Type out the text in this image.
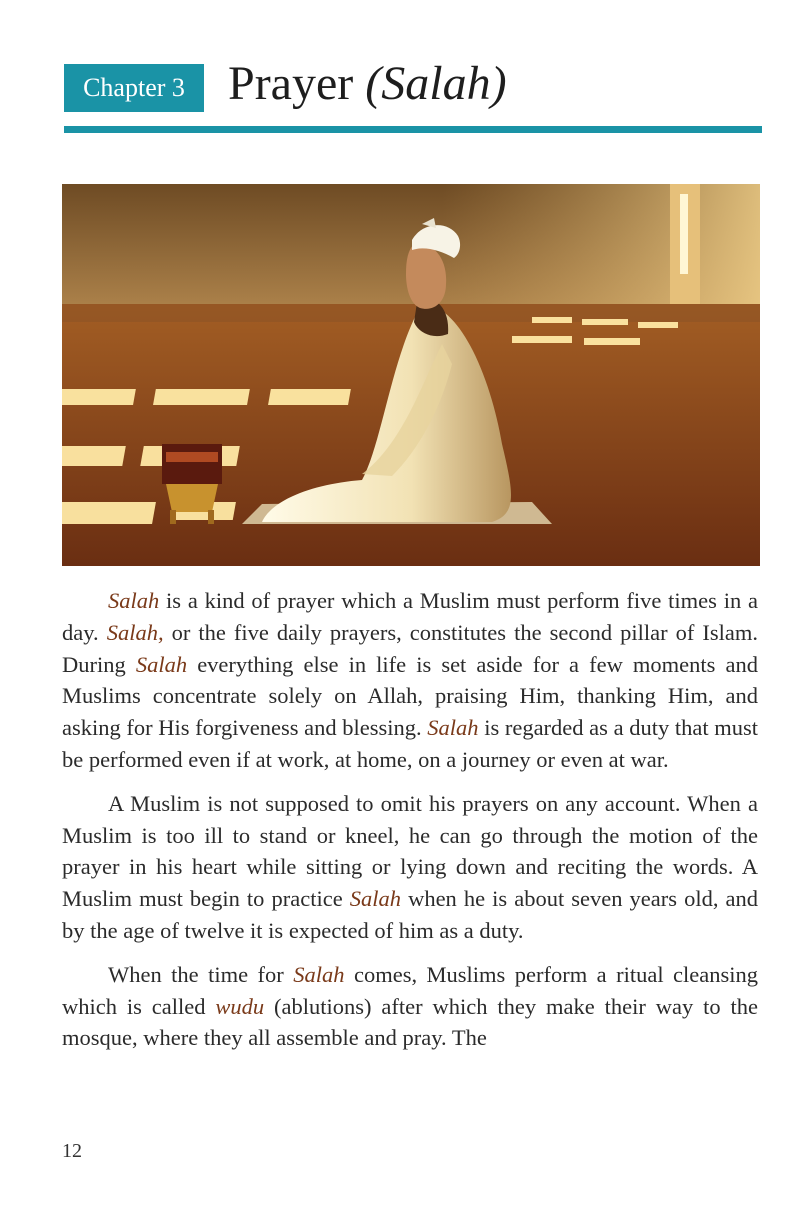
Chapter 3 Prayer (Salah)

Salah is a kind of prayer which a Muslim must perform five times in a day. Salah, or the five daily prayers, constitutes the second pillar of Islam. During Salah everything else in life is set aside for a few moments and Muslims concentrate solely on Allah, praising Him, thanking Him, and asking for His forgiveness and blessing. Salah is regarded as a duty that must be performed even if at work, at home, on a journey or even at war.

A Muslim is not supposed to omit his prayers on any account. When a Muslim is too ill to stand or kneel, he can go through the motion of the prayer in his heart while sitting or lying down and reciting the words. A Muslim must begin to practice Salah when he is about seven years old, and by the age of twelve it is expected of him as a duty.

When the time for Salah comes, Muslims perform a ritual cleansing which is called wudu (ablutions) after which they make their way to the mosque, where they all assemble and pray. The

12
